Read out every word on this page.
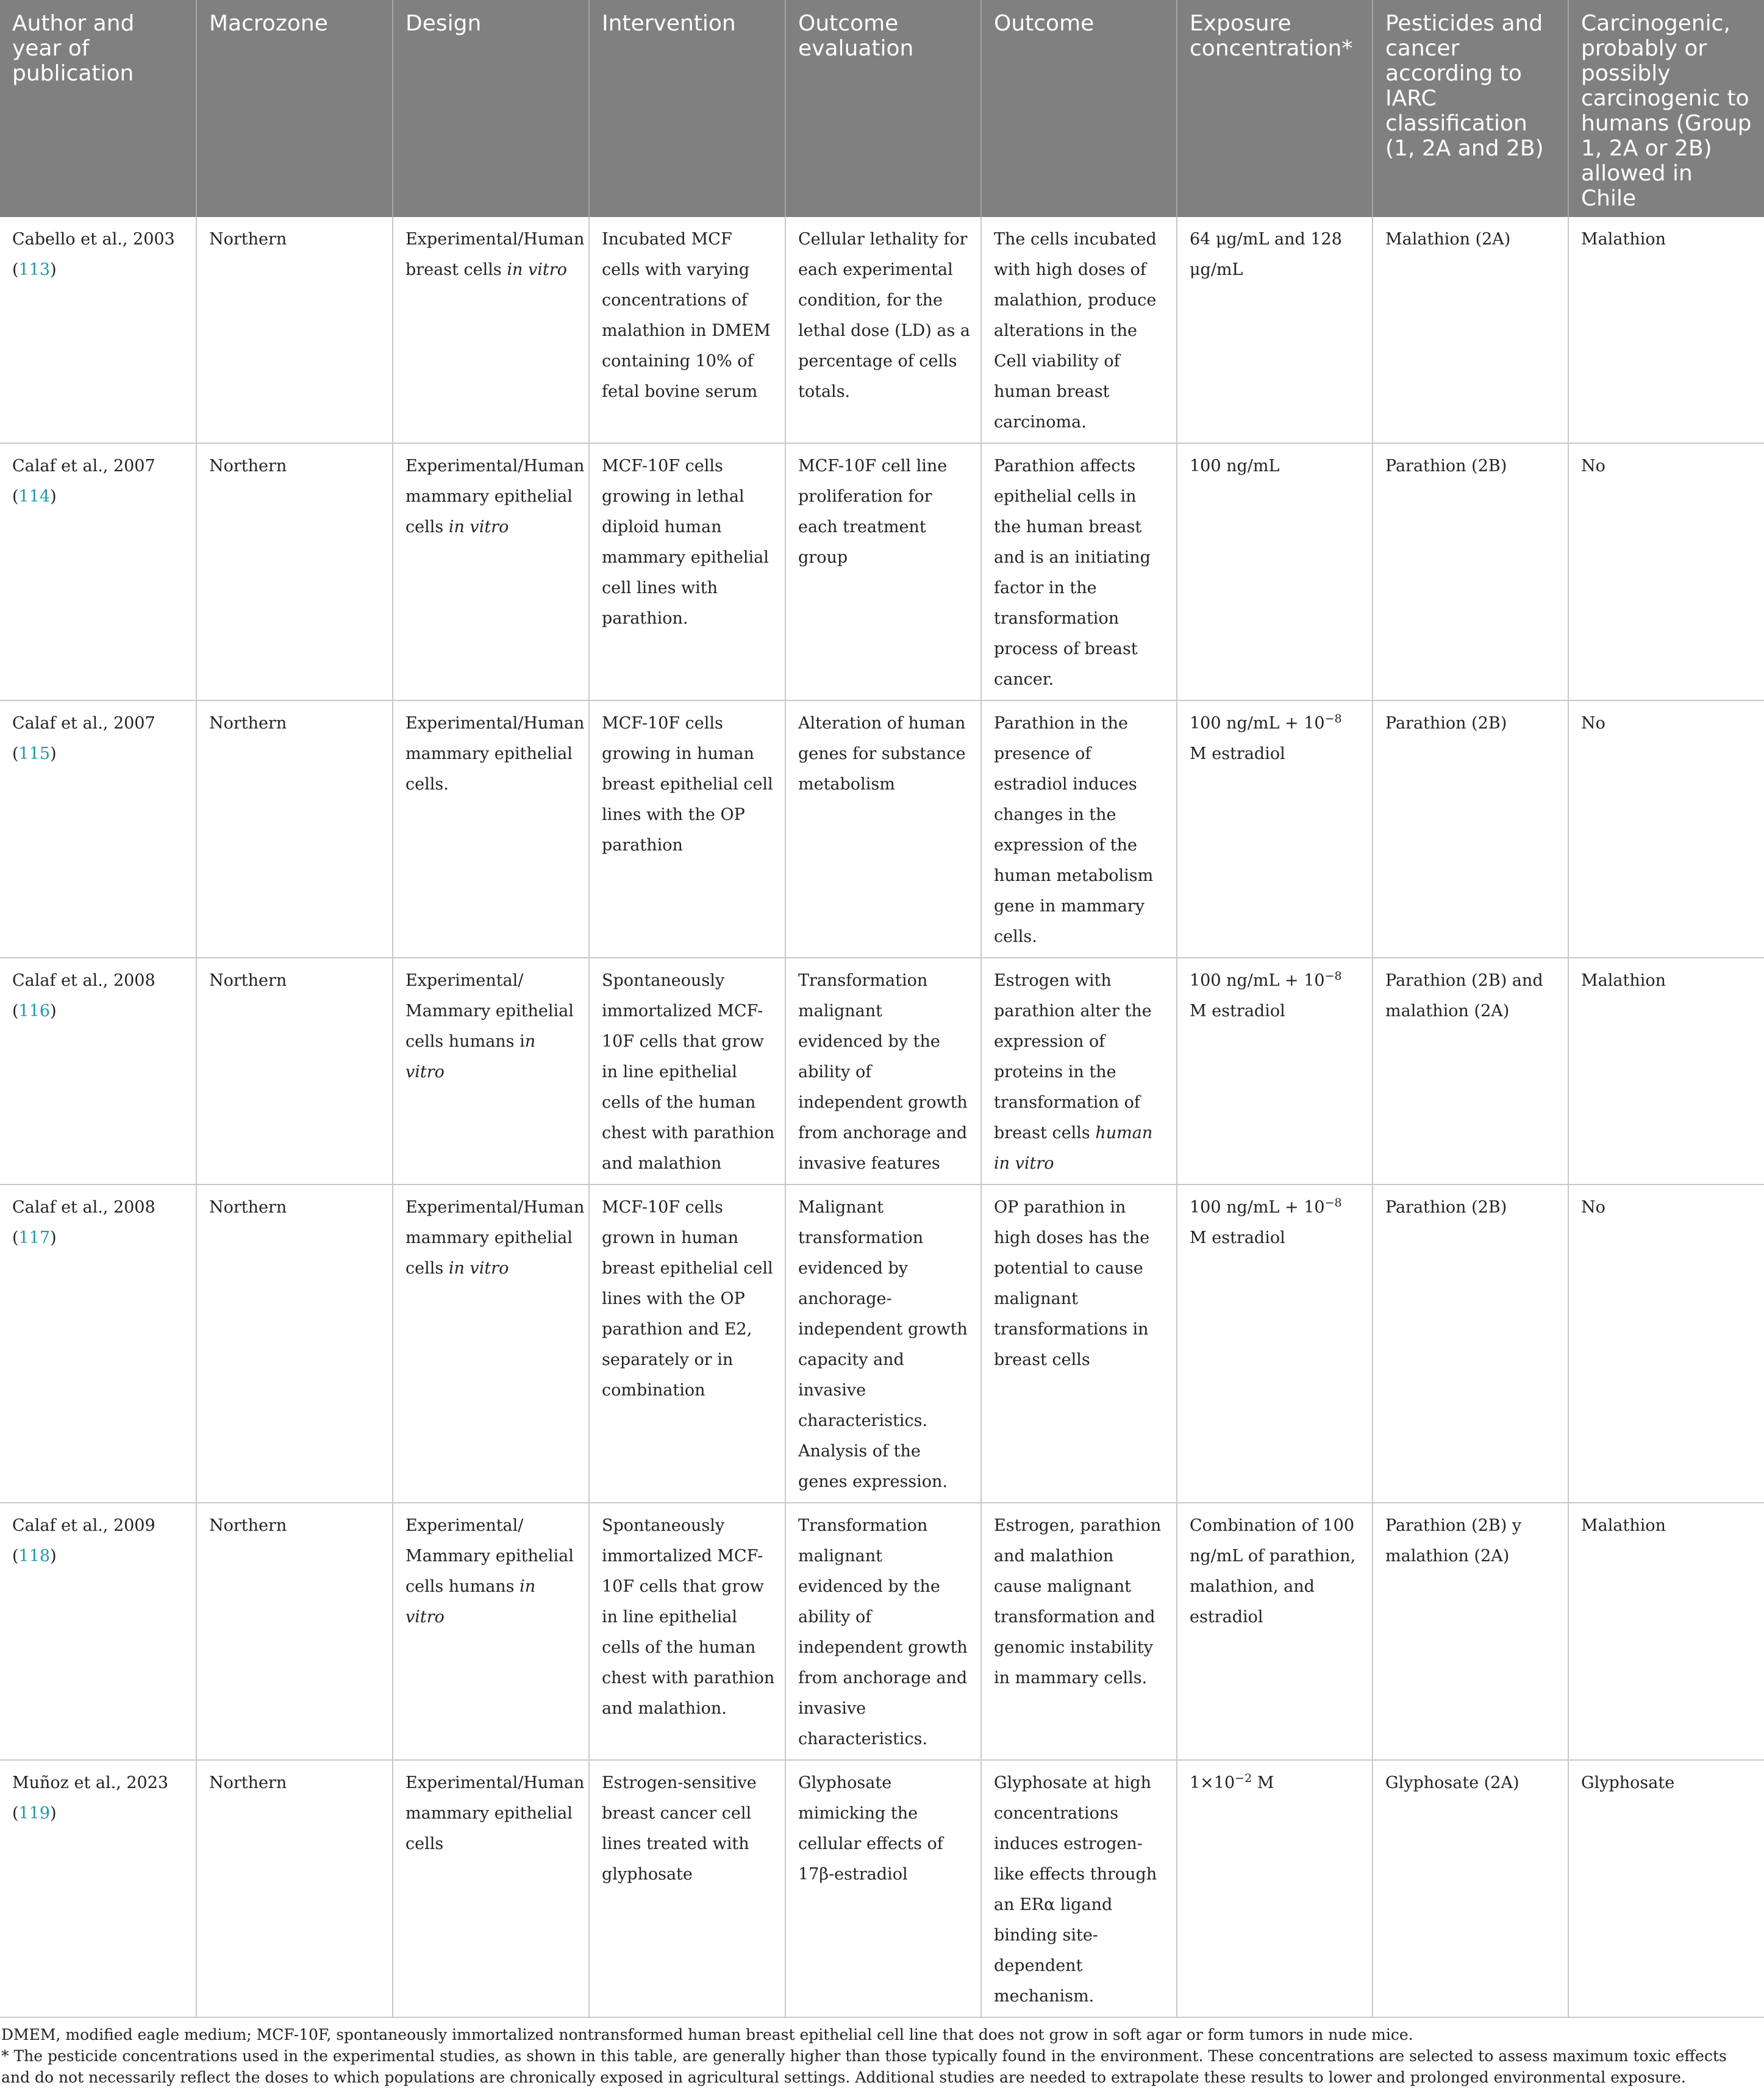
Author and year of publication	Macrozone	Design	Intervention	Outcome evaluation	Outcome	Exposure concentration*	Pesticides and cancer according to IARC classification (1, 2A and 2B)	Carcinogenic, probably or possibly carcinogenic to humans (Group 1, 2A or 2B) allowed in Chile
Cabello et al., 2003 (113)	Northern	Experimental/Human breast cells in vitro	Incubated MCF cells with varying concentrations of malathion in DMEM containing 10% of fetal bovine serum	Cellular lethality for each experimental condition, for the lethal dose (LD) as a percentage of cells totals.	The cells incubated with high doses of malathion, produce alterations in the Cell viability of human breast carcinoma.	64 μg/mL and 128 μg/mL	Malathion (2A)	Malathion
Calaf et al., 2007 (114)	Northern	Experimental/Human mammary epithelial cells in vitro	MCF-10F cells growing in lethal diploid human mammary epithelial cell lines with parathion.	MCF-10F cell line proliferation for each treatment group	Parathion affects epithelial cells in the human breast and is an initiating factor in the transformation process of breast cancer.	100 ng/mL	Parathion (2B)	No
Calaf et al., 2007 (115)	Northern	Experimental/Human mammary epithelial cells.	MCF-10F cells growing in human breast epithelial cell lines with the OP parathion	Alteration of human genes for substance metabolism	Parathion in the presence of estradiol induces changes in the expression of the human metabolism gene in mammary cells.	100 $ng/mL + 10^{-8}$ M estradiol	Parathion (2B)	No
Calaf et al., 2008 (116)	Northern	Experimental/ Mammary epithelial cells humans in vitro	Spontaneously immortalized MCF-10F cells that grow in line epithelial cells of the human chest with parathion and malathion	Transformation malignant evidenced by the ability of independent growth from anchorage and invasive features	Estrogen with parathion alter the expression of proteins in the transformation of breast cells human in vitro	100 $ng/mL + 10^{-8}$ M estradiol	Parathion (2B) and malathion (2A)	Malathion
Calaf et al., 2008 (117)	Northern	Experimental/Human mammary epithelial cells in vitro	MCF-10F cells grown in human breast epithelial cell lines with the OP parathion and E2, separately or in combination	Malignant transformation evidenced by anchorage-independent growth capacity and invasive characteristics. Analysis of the genes expression.	OP parathion in high doses has the potential to cause malignant transformations in breast cells	100 $ng/mL + 10^{-8}$ M estradiol	Parathion (2B)	No
Calaf et al., 2009 (118)	Northern	Experimental/ Mammary epithelial cells humans in vitro	Spontaneously immortalized MCF-10F cells that grow in line epithelial cells of the human chest with parathion and malathion.	Transformation malignant evidenced by the ability of independent growth from anchorage and invasive characteristics.	Estrogen, parathion and malathion cause malignant transformation and genomic instability in mammary cells.	Combination of 100 ng/mL of parathion, malathion, and estradiol	Parathion (2B) y malathion (2A)	Malathion
Muñoz et al., 2023 (119)	Northern	Experimental/Human mammary epithelial cells	Estrogen-sensitive breast cancer cell lines treated with glyphosate	Glyphosate mimicking the cellular effects of 17β-estradiol	Glyphosate at high concentrations induces estrogen-like effects through an ERα ligand binding site-dependent mechanism.	$1\times 10^{-2}$ M	Glyphosate (2A)	Glyphosate
DMEM, modified eagle medium; MCF-10F, spontaneously immortalized nontransformed human breast epithelial cell line that does not grow in soft agar or form tumors in nude mice.
* The pesticide concentrations used in the experimental studies, as shown in this table, are generally higher than those typically found in the environment. These concentrations are selected to assess maximum toxic effects and do not necessarily reflect the doses to which populations are chronically exposed in agricultural settings. Additional studies are needed to extrapolate these results to lower and prolonged environmental exposure.
